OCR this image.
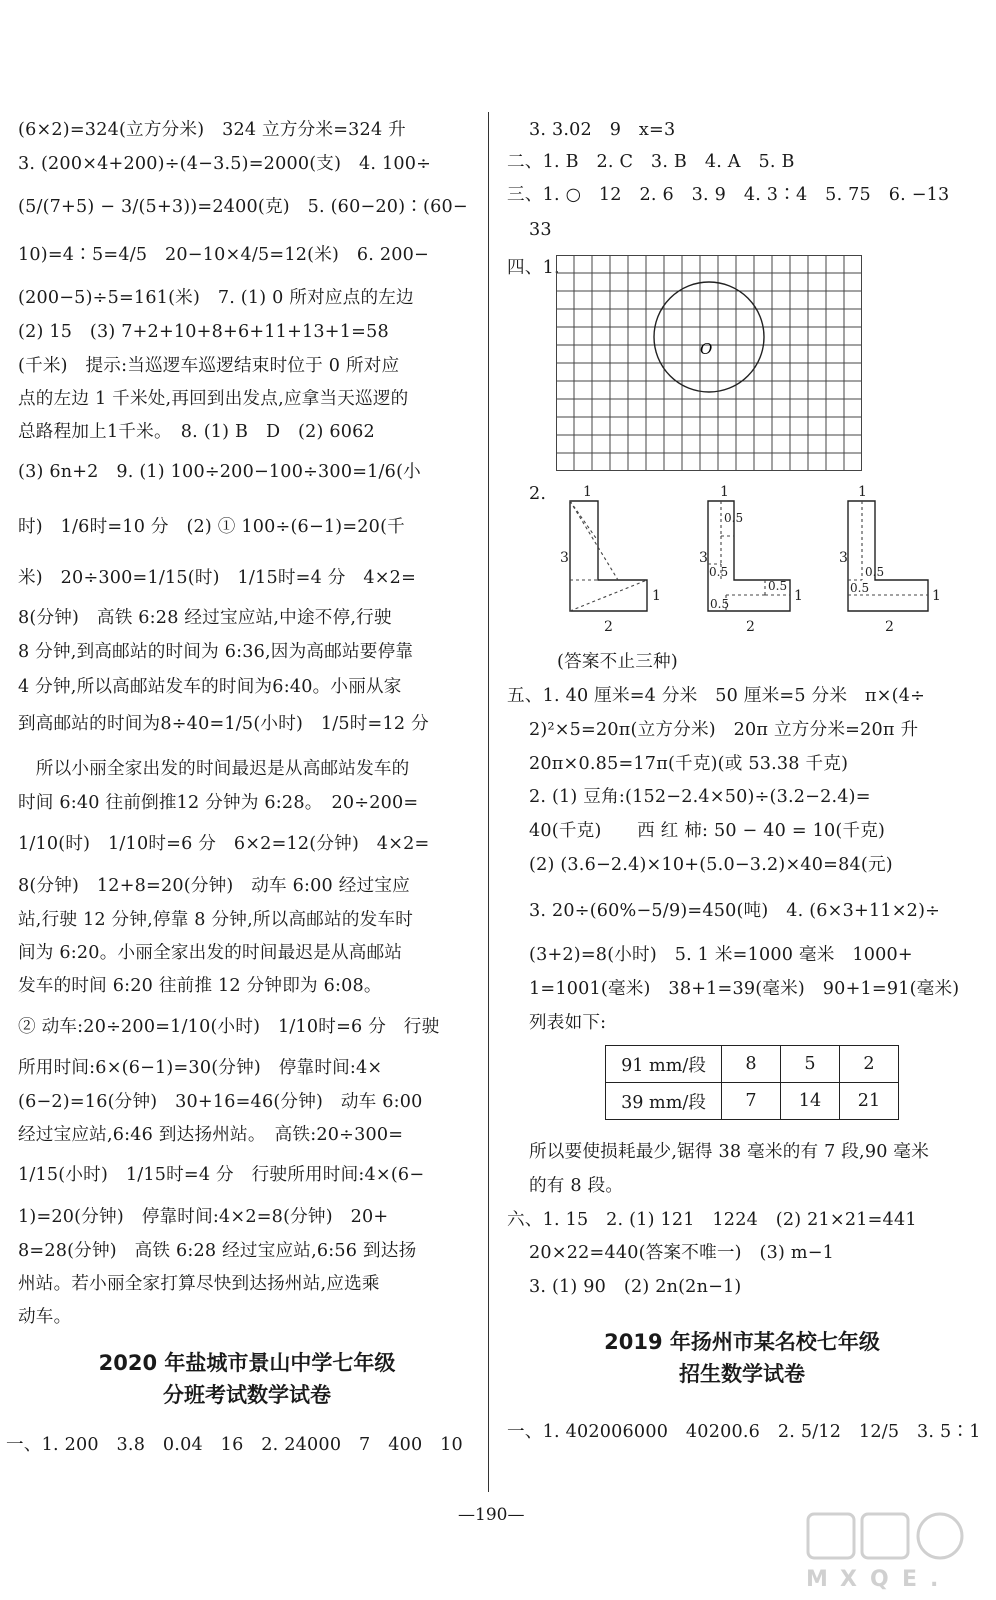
(6×2)=324(立方分米)　324 立方分米=324 升
3. (200×4+200)÷(4−3.5)=2000(支)　4. 100÷
(5/(7+5) − 3/(5+3))=2400(克)　5. (60−20)∶(60−
10)=4∶5=4/5　20−10×4/5=12(米)　6. 200−
(200−5)÷5=161(米)　7. (1) 0 所对应点的左边
(2) 15　(3) 7+2+10+8+6+11+13+1=58
(千米)　提示:当巡逻车巡逻结束时位于 0 所对应
点的左边 1 千米处,再回到出发点,应拿当天巡逻的
总路程加上1千米。　8. (1) B　D　(2) 6062
(3) 6n+2　9. (1) 100÷200−100÷300=1/6(小
时)　1/6时=10 分　(2) ① 100÷(6−1)=20(千
米)　20÷300=1/15(时)　1/15时=4 分　4×2=
8(分钟)　高铁 6:28 经过宝应站,中途不停,行驶
8 分钟,到高邮站的时间为 6:36,因为高邮站要停靠
4 分钟,所以高邮站发车的时间为6:40。小丽从家
到高邮站的时间为8÷40=1/5(小时)　1/5时=12 分
　所以小丽全家出发的时间最迟是从高邮站发车的
时间 6:40 往前倒推12 分钟为 6:28。　20÷200=
1/10(时)　1/10时=6 分　6×2=12(分钟)　4×2=
8(分钟)　12+8=20(分钟)　动车 6:00 经过宝应
站,行驶 12 分钟,停靠 8 分钟,所以高邮站的发车时
间为 6:20。小丽全家出发的时间最迟是从高邮站
发车的时间 6:20 往前推 12 分钟即为 6:08。
② 动车:20÷200=1/10(小时)　1/10时=6 分　行驶
所用时间:6×(6−1)=30(分钟)　停靠时间:4×
(6−2)=16(分钟)　30+16=46(分钟)　动车 6:00
经过宝应站,6:46 到达扬州站。　高铁:20÷300=
1/15(小时)　1/15时=4 分　行驶所用时间:4×(6−
1)=20(分钟)　停靠时间:4×2=8(分钟)　20+
8=28(分钟)　高铁 6:28 经过宝应站,6:56 到达扬
州站。若小丽全家打算尽快到达扬州站,应选乘
动车。
2020 年盐城市景山中学七年级
分班考试数学试卷
一、1. 200　3.8　0.04　16　2. 24000　7　400　10
3. 3.02　9　x=3
二、1. B　2. C　3. B　4. A　5. B
三、1. ○　12　2. 6　3. 9　4. 3∶4　5. 75　6. −13
33
四、1.
2.
(答案不止三种)
五、1. 40 厘米=4 分米　50 厘米=5 分米　π×(4÷
2)²×5=20π(立方分米)　20π 立方分米=20π 升
20π×0.85=17π(千克)(或 53.38 千克)
2. (1) 豆角:(152−2.4×50)÷(3.2−2.4)=
40(千克)　　西 红 柿: 50 − 40 = 10(千克)
(2) (3.6−2.4)×10+(5.0−3.2)×40=84(元)
3. 20÷(60%−5/9)=450(吨)　4. (6×3+11×2)÷
(3+2)=8(小时)　5. 1 米=1000 毫米　1000+
1=1001(毫米)　38+1=39(毫米)　90+1=91(毫米)
列表如下:
所以要使损耗最少,锯得 38 毫米的有 7 段,90 毫米
的有 8 段。
六、1. 15　2. (1) 121　1224　(2) 21×21=441
20×22=440(答案不唯一)　(3) m−1
3. (1) 90　(2) 2n(2n−1)
2019 年扬州市某名校七年级
招生数学试卷
一、1. 402006000　40200.6　2. 5/12　12/5　3. 5∶1
O
1
3
1
2
1
3
1
2
0.5
0.5
0.5
0.5
1
3
1
2
0.5
0.5
91 mm/段	8	5	2
39 mm/段	7	14	21
—190—
M X Q E .
